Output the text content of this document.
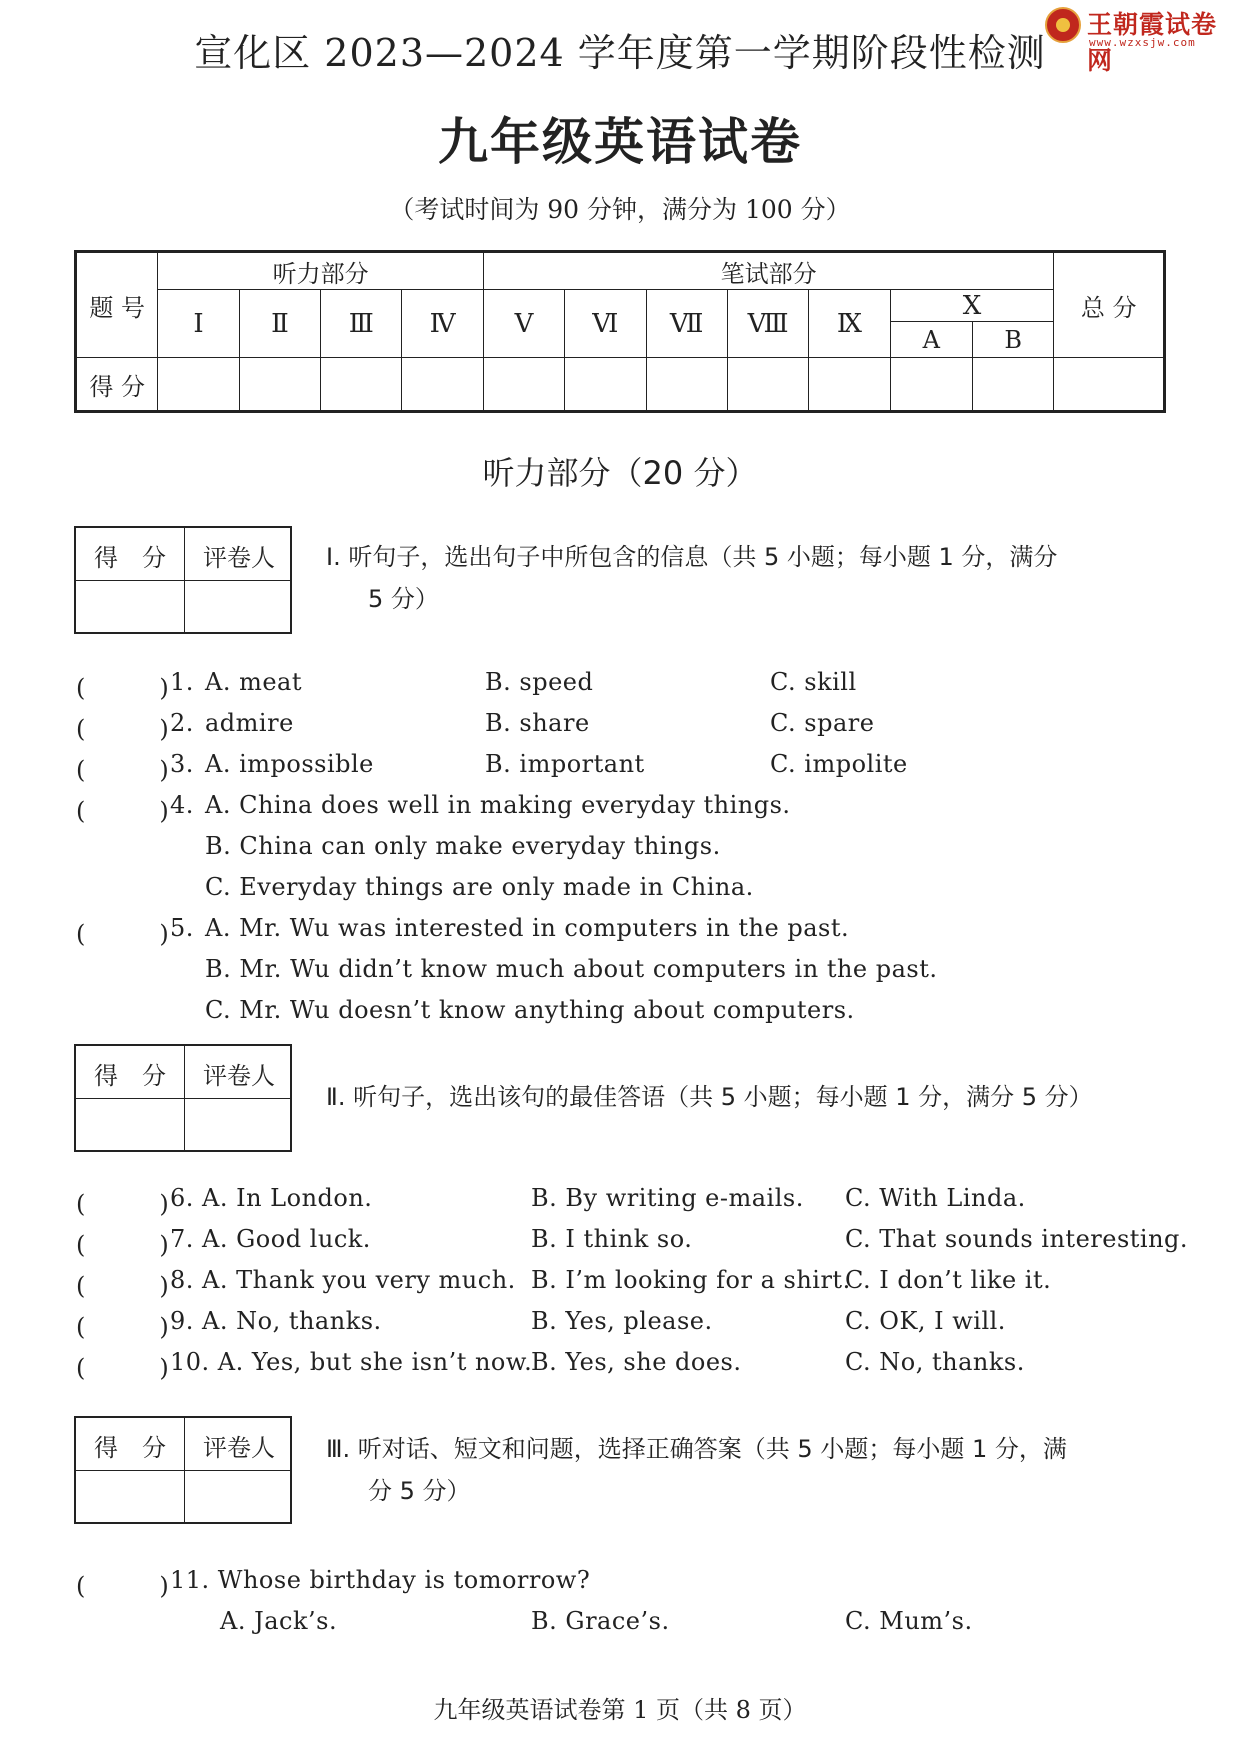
宣化区 2023—2024 学年度第一学期阶段性检测
王朝霞试卷网
www.wzxsjw.com
九年级英语试卷
（考试时间为 90 分钟，满分为 100 分）
题 号	听力部分				笔试部分							总 分
	Ⅰ	Ⅱ	Ⅲ	Ⅳ	Ⅴ	Ⅵ	Ⅶ	Ⅷ	Ⅸ	Ⅹ		
										A	B	
得 分												
听力部分（20 分）
得　分	评卷人	Ⅰ. 听句子，选出句子中所包含的信息（共 5 小题；每小题 1 分，满分
5 分）
(　　　) 1. A. meat	B. speed	C. skill
(　　　) 2. admire	B. share	C. spare
(　　　) 3. A. impossible	B. important	C. impolite
(　　　) 4. A. China does well in making everyday things.
B. China can only make everyday things.
C. Everyday things are only made in China.
(　　　) 5. A. Mr. Wu was interested in computers in the past.
B. Mr. Wu didn’t know much about computers in the past.
C. Mr. Wu doesn’t know anything about computers.
得　分	评卷人
Ⅱ. 听句子，选出该句的最佳答语（共 5 小题；每小题 1 分，满分 5 分）
(　　　) 6. A. In London.	B. By writing e-mails. C. With Linda.
(　　　) 7. A. Good luck.	B. I think so.	C. That sounds interesting.
(　　　) 8. A. Thank you very much. B. I’m looking for a shirt.
C. I don’t like it.
(　　　) 9. A. No, thanks.	B. Yes, please.	C. OK, I will.
(　　　) 10. A. Yes, but she isn’t now.
B. Yes, she does.	C. No, thanks.
得　分	评卷人	Ⅲ. 听对话、短文和问题，选择正确答案（共 5 小题；每小题 1 分，满
分 5 分）
(　　　) 11. Whose birthday is tomorrow?
A. Jack’s.	B. Grace’s.	C. Mum’s.
九年级英语试卷第 1 页（共 8 页）
